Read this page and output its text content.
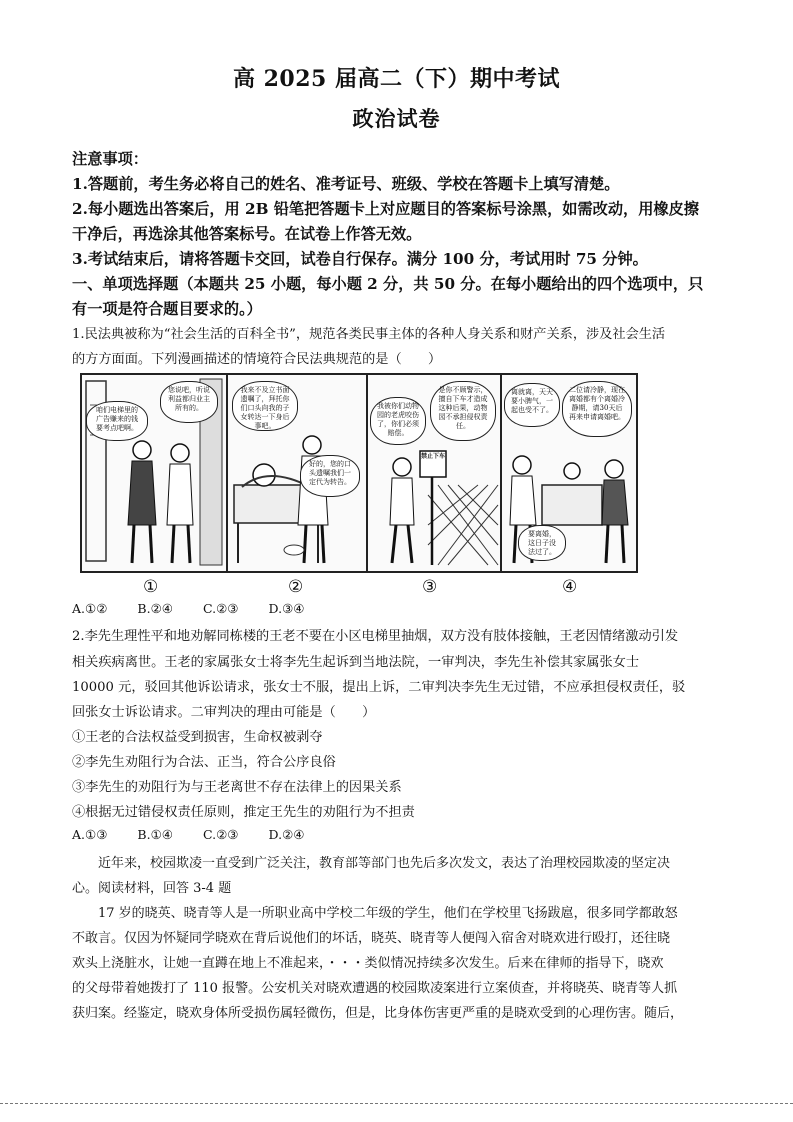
高 2025 届高二（下）期中考试
政治试卷
注意事项：
1.答题前，考生务必将自己的姓名、准考证号、班级、学校在答题卡上填写清楚。
2.每小题选出答案后，用 2B 铅笔把答题卡上对应题目的答案标号涂黑，如需改动，用橡皮擦
干净后，再选涂其他答案标号。在试卷上作答无效。
3.考试结束后，请将答题卡交回，试卷自行保存。满分 100 分，考试用时 75 分钟。
一、单项选择题（本题共 25 小题，每小题 2 分，共 50 分。在每小题给出的四个选项中，只
有一项是符合题目要求的。）
1.民法典被称为“社会生活的百科全书”，规范各类民事主体的各种人身关系和财产关系，涉及社会生活
的方方面面。下列漫画描述的情境符合民法典规范的是（　　）
咱们电梯里的广告赚来的钱要考点吧啊。
您说吧，听说利益都归业主所有的。
我来不及立书面遗嘱了，拜托你们口头向我的子女转达一下身后事吧。
好的，您的口头遗嘱我们一定代为转告。
我被你们动物园的老虎咬伤了，你们必须赔偿。
是你不顾警示，擅自下车才造成这种后果，动物园不承担侵权责任。
禁止下车
离就离，天天要小脾气，一起也受不了。
二位请冷静，现在离婚都有个离婚冷静期，请30天后再来申请离婚吧。
要离婚，这日子没法过了。
①	②	③	④
A.①② B.②④ C.②③ D.③④
2.李先生理性平和地劝解同栋楼的王老不要在小区电梯里抽烟，双方没有肢体接触，王老因情绪激动引发
相关疾病离世。王老的家属张女士将李先生起诉到当地法院，一审判决，李先生补偿其家属张女士
10000 元，驳回其他诉讼请求，张女士不服，提出上诉，二审判决李先生无过错，不应承担侵权责任，驳
回张女士诉讼请求。二审判决的理由可能是（　　）
①王老的合法权益受到损害，生命权被剥夺
②李先生劝阻行为合法、正当，符合公序良俗
③李先生的劝阻行为与王老离世不存在法律上的因果关系
④根据无过错侵权责任原则，推定王先生的劝阻行为不担责
A.①③ B.①④ C.②③ D.②④
　　近年来，校园欺凌一直受到广泛关注，教育部等部门也先后多次发文，表达了治理校园欺凌的坚定决
心。阅读材料，回答 3-4 题
　　17 岁的晓英、晓青等人是一所职业高中学校二年级的学生，他们在学校里飞扬跋扈，很多同学都敢怒
不敢言。仅因为怀疑同学晓欢在背后说他们的坏话，晓英、晓青等人便闯入宿舍对晓欢进行殴打，还往晓
欢头上浇脏水，让她一直蹲在地上不准起来，・・・类似情况持续多次发生。后来在律师的指导下，晓欢
的父母带着她拨打了 110 报警。公安机关对晓欢遭遇的校园欺凌案进行立案侦查，并将晓英、晓青等人抓
获归案。经鉴定，晓欢身体所受损伤属轻微伤，但是，比身体伤害更严重的是晓欢受到的心理伤害。随后，
